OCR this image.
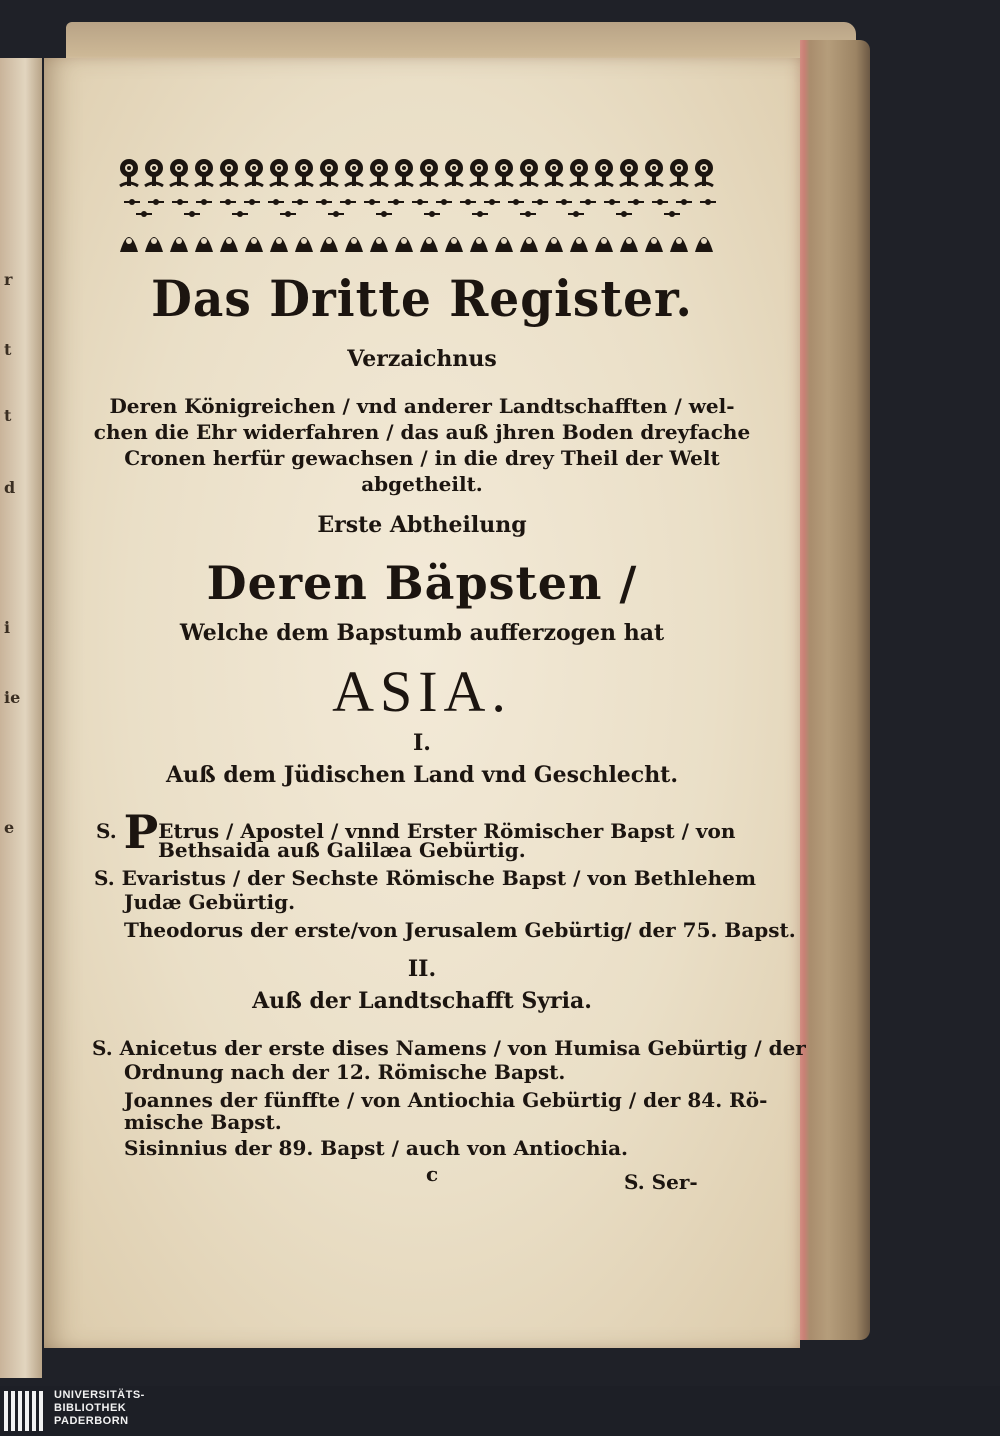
r
t
t
d
i
ie
e
Das Dritte Register.
Verzaichnus
Deren Königreichen / vnd anderer Landtschafften / wel-
chen die Ehr widerfahren / das auß jhren Boden dreyfache
Cronen herfür gewachsen / in die drey Theil der Welt
abgetheilt.
Erste Abtheilung
Deren Bäpsten /
Welche dem Bapstumb aufferzogen hat
ASIA.
I.
Auß dem Jüdischen Land vnd Geschlecht.
S. PEtrus / Apostel / vnnd Erster Römischer Bapst / von
Bethsaida auß Galilæa Gebürtig.
S. Evaristus / der Sechste Römische Bapst / von Bethlehem
Judæ Gebürtig.
Theodorus der erste/von Jerusalem Gebürtig/ der 75. Bapst.
II.
Auß der Landtschafft Syria.
S. Anicetus der erste dises Namens / von Humisa Gebürtig / der
Ordnung nach der 12. Römische Bapst.
Joannes der fünffte / von Antiochia Gebürtig / der 84. Rö-
mische Bapst.
Sisinnius der 89. Bapst / auch von Antiochia.
c	S. Ser-
UNIVERSITÄTS-
BIBLIOTHEK
PADERBORN
